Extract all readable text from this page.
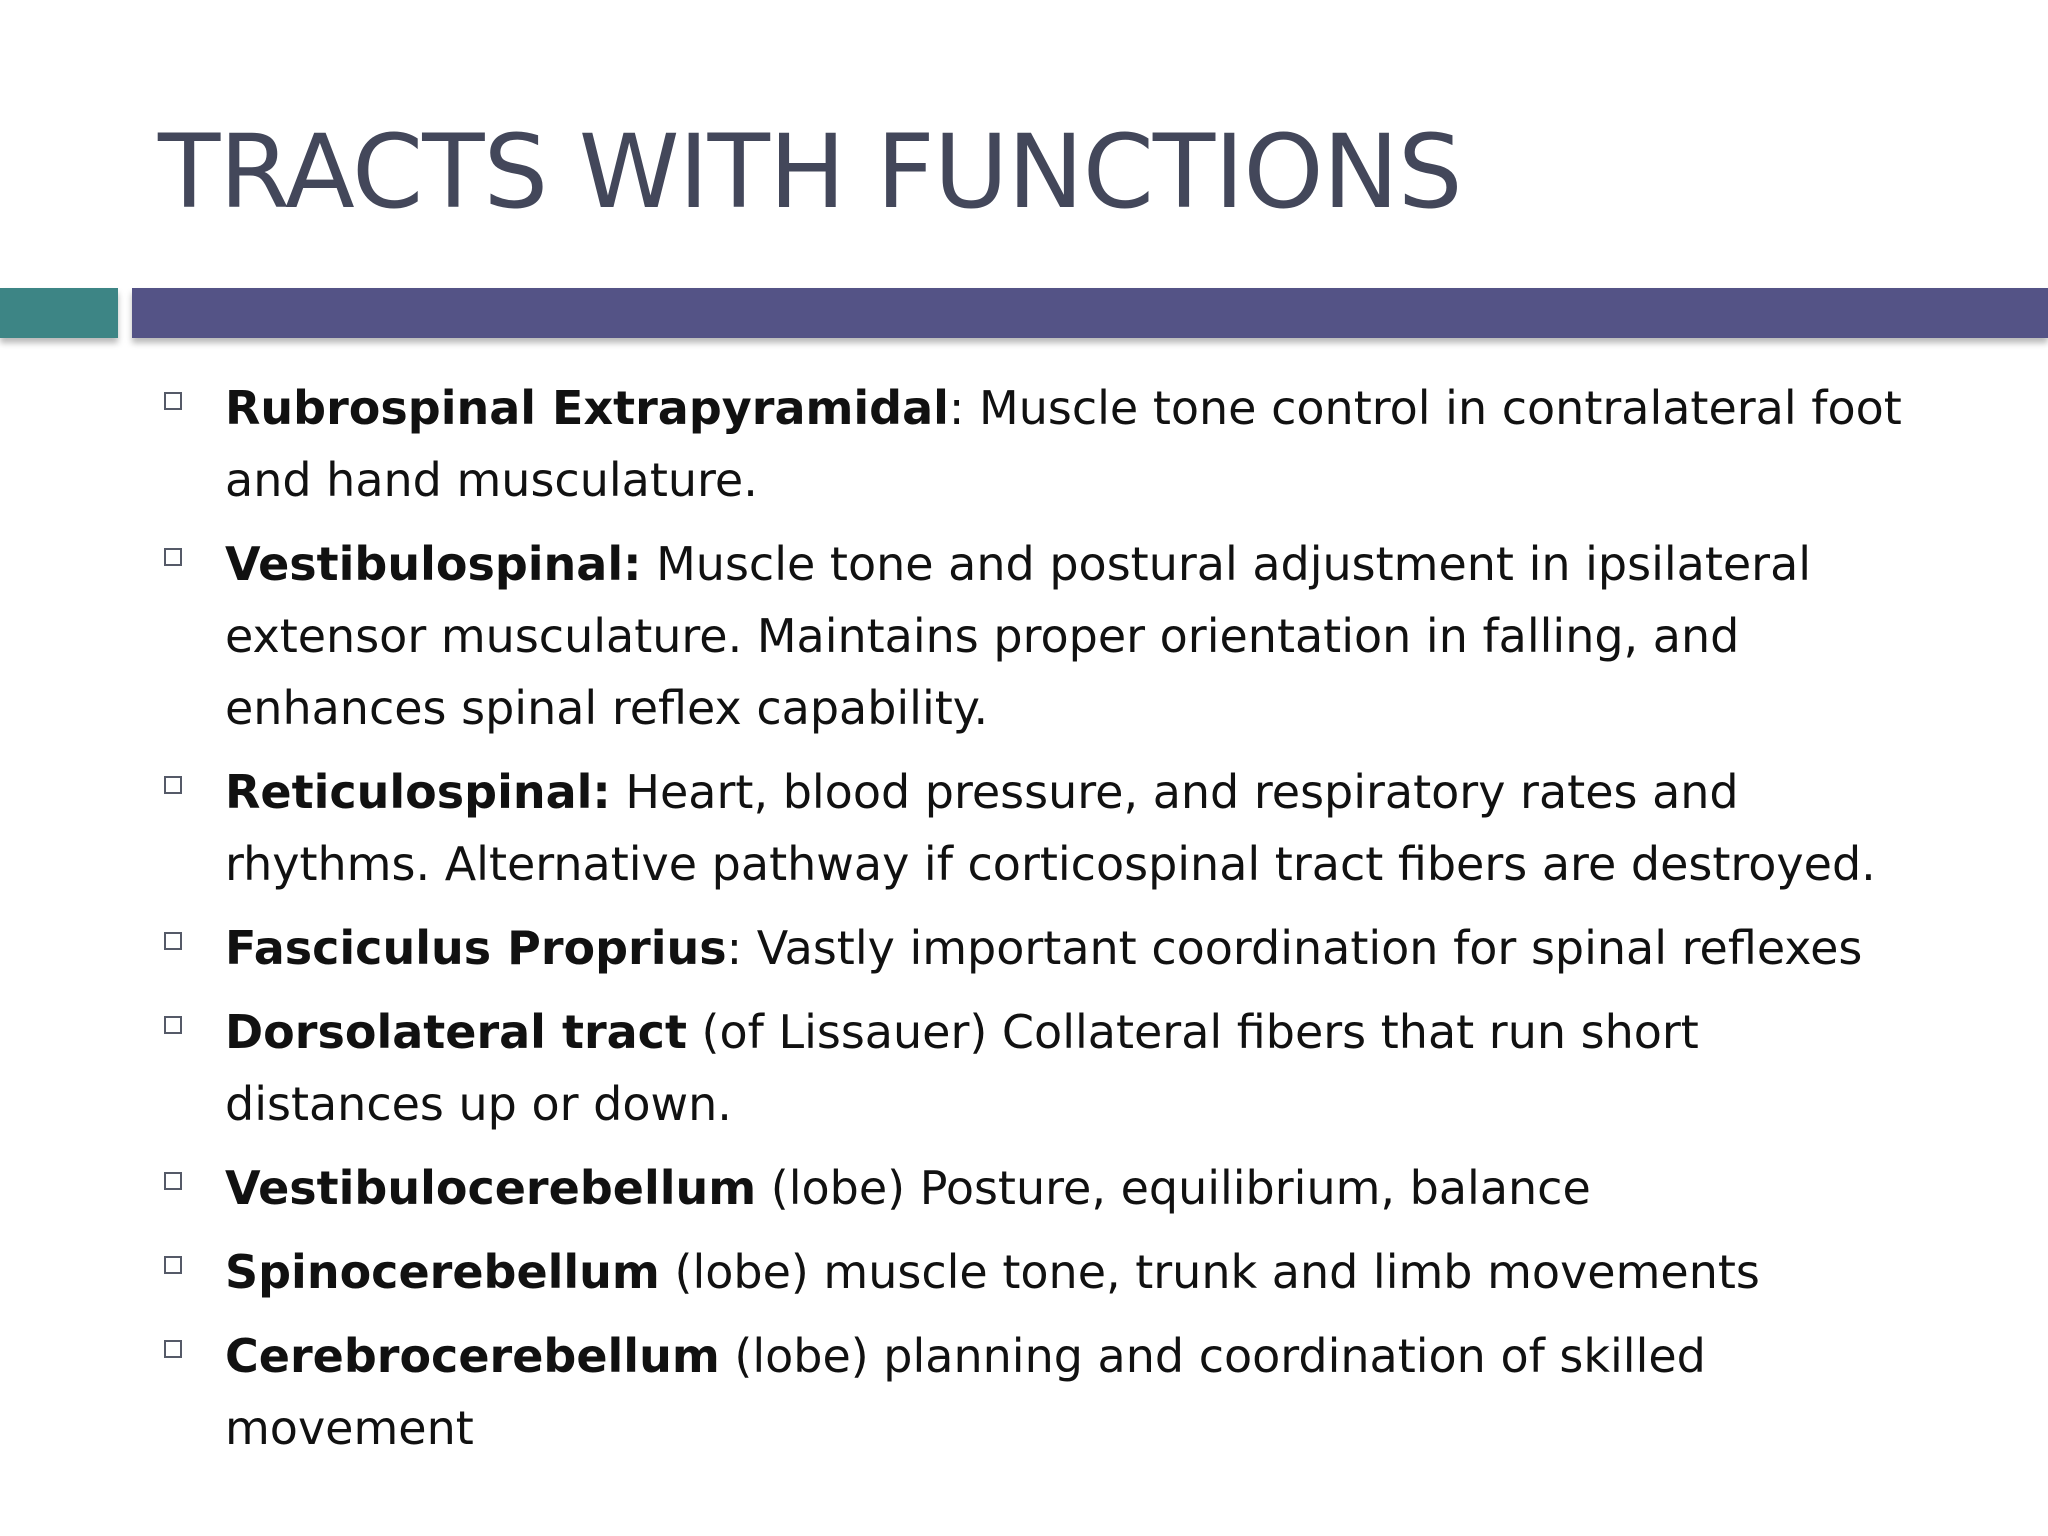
TRACTS WITH FUNCTIONS
Rubrospinal Extrapyramidal: Muscle tone control in contralateral foot and hand musculature.
Vestibulospinal: Muscle tone and postural adjustment in ipsilateral extensor musculature. Maintains proper orientation in falling, and enhances spinal reflex capability.
Reticulospinal: Heart, blood pressure, and respiratory rates and rhythms. Alternative pathway if corticospinal tract fibers are destroyed.
Fasciculus Proprius: Vastly important coordination for spinal reflexes
Dorsolateral tract (of Lissauer) Collateral fibers that run short distances up or down.
Vestibulocerebellum (lobe) Posture, equilibrium, balance
Spinocerebellum (lobe) muscle tone, trunk and limb movements
Cerebrocerebellum (lobe) planning and coordination of skilled movement
